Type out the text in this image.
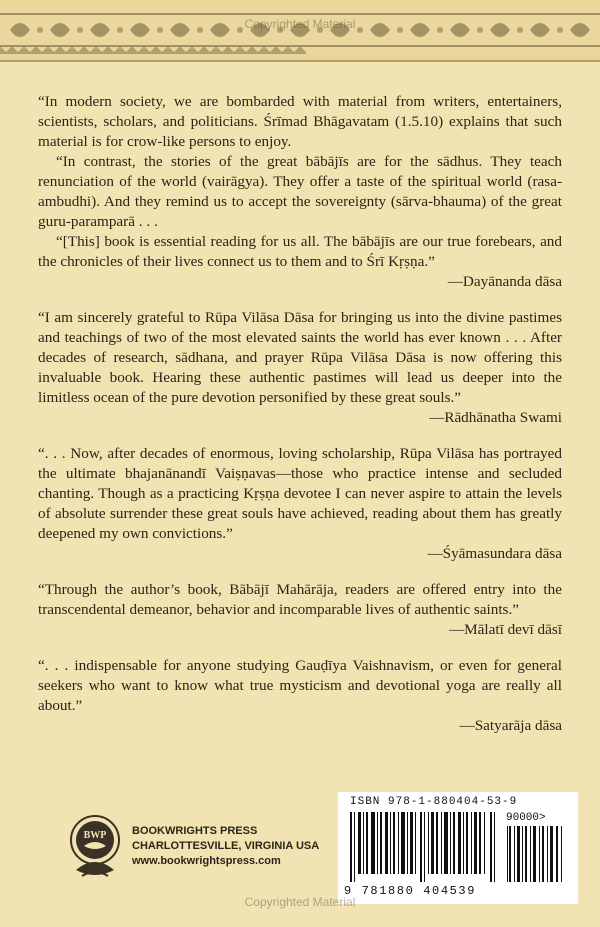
Copyrighted Material

“In modern society, we are bombarded with material from writers, entertainers, scientists, scholars, and politicians. Śrīmad Bhāgavatam (1.5.10) explains that such material is for crow-like persons to enjoy.

“In contrast, the stories of the great bābājīs are for the sādhus. They teach renunciation of the world (vairāgya). They offer a taste of the spiritual world (rasa-ambudhi). And they remind us to accept the sovereignty (sārva-bhauma) of the great guru-paramparā . . .

“[This] book is essential reading for us all. The bābājīs are our true forebears, and the chronicles of their lives connect us to them and to Śrī Kṛṣṇa.”

—Dayānanda dāsa

“I am sincerely grateful to Rūpa Vilāsa Dāsa for bringing us into the divine pastimes and teachings of two of the most elevated saints the world has ever known . . . After decades of research, sādhana, and prayer Rūpa Vilāsa Dāsa is now offering this invaluable book. Hearing these authentic pastimes will lead us deeper into the limitless ocean of the pure devotion personified by these great souls.”

—Rādhānatha Swami

“. . . Now, after decades of enormous, loving scholarship, Rūpa Vilāsa has portrayed the ultimate bhajanānandī Vaiṣṇavas—those who practice intense and secluded chanting. Though as a practicing Kṛṣṇa devotee I can never aspire to attain the levels of absolute surrender these great souls have achieved, reading about them has greatly deepened my own convictions.”

—Śyāmasundara dāsa

“Through the author’s book, Bābājī Mahārāja, readers are offered entry into the transcendental demeanor, behavior and incomparable lives of authentic saints.”

—Mālatī devī dāsī

“. . . indispensable for anyone studying Gauḍīya Vaishnavism, or even for general seekers who want to know what true mysticism and devotional yoga are really all about.”

—Satyarāja dāsa

BWP BOOKWRIGHTS PRESS
CHARLOTTESVILLE, VIRGINIA USA
www.bookwrightspress.com
ISBN 978-1-880404-53-9
90000>
9 781880 404539
Copyrighted Material
